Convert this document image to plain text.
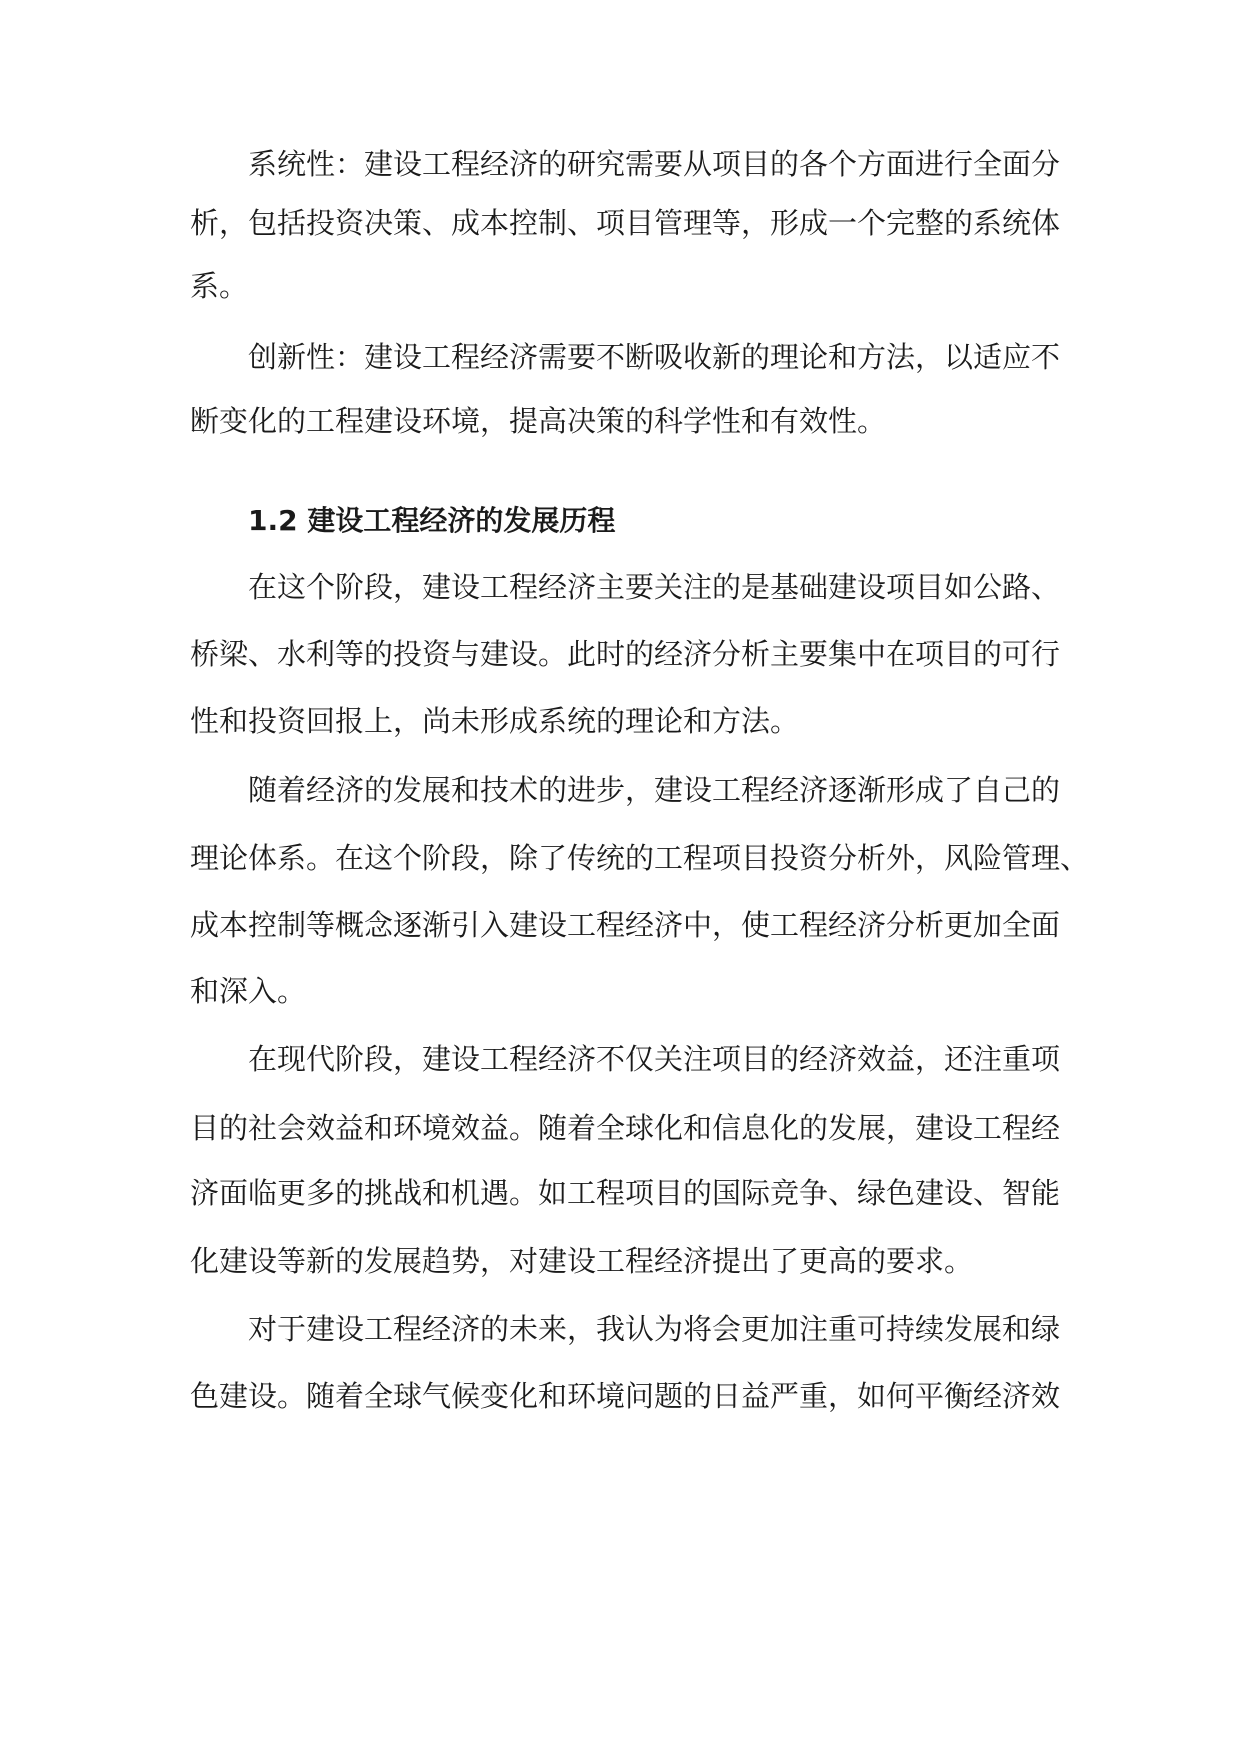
系统性：建设工程经济的研究需要从项目的各个方面进行全面分
析，包括投资决策、成本控制、项目管理等，形成一个完整的系统体
系。
创新性：建设工程经济需要不断吸收新的理论和方法，以适应不
断变化的工程建设环境，提高决策的科学性和有效性。
1.2 建设工程经济的发展历程
在这个阶段，建设工程经济主要关注的是基础建设项目如公路、
桥梁、水利等的投资与建设。此时的经济分析主要集中在项目的可行
性和投资回报上，尚未形成系统的理论和方法。
随着经济的发展和技术的进步，建设工程经济逐渐形成了自己的
理论体系。在这个阶段，除了传统的工程项目投资分析外，风险管理、
成本控制等概念逐渐引入建设工程经济中，使工程经济分析更加全面
和深入。
在现代阶段，建设工程经济不仅关注项目的经济效益，还注重项
目的社会效益和环境效益。随着全球化和信息化的发展，建设工程经
济面临更多的挑战和机遇。如工程项目的国际竞争、绿色建设、智能
化建设等新的发展趋势，对建设工程经济提出了更高的要求。
对于建设工程经济的未来，我认为将会更加注重可持续发展和绿
色建设。随着全球气候变化和环境问题的日益严重，如何平衡经济效
